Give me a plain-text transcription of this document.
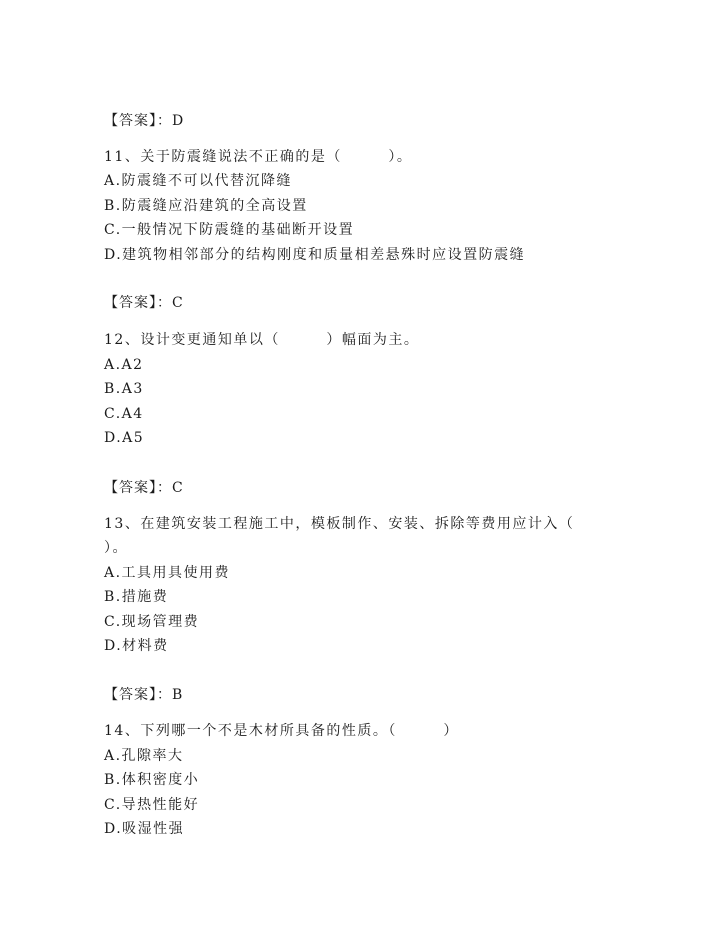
【答案】：D
11、关于防震缝说法不正确的是（　　　）。
A.防震缝不可以代替沉降缝
B.防震缝应沿建筑的全高设置
C.一般情况下防震缝的基础断开设置
D.建筑物相邻部分的结构刚度和质量相差悬殊时应设置防震缝
【答案】：C
12、设计变更通知单以（　　　）幅面为主。
A.A2
B.A3
C.A4
D.A5
【答案】：C
13、在建筑安装工程施工中，模板制作、安装、拆除等费用应计入（
）。
A.工具用具使用费
B.措施费
C.现场管理费
D.材料费
【答案】：B
14、下列哪一个不是木材所具备的性质。（　　　）
A.孔隙率大
B.体积密度小
C.导热性能好
D.吸湿性强
